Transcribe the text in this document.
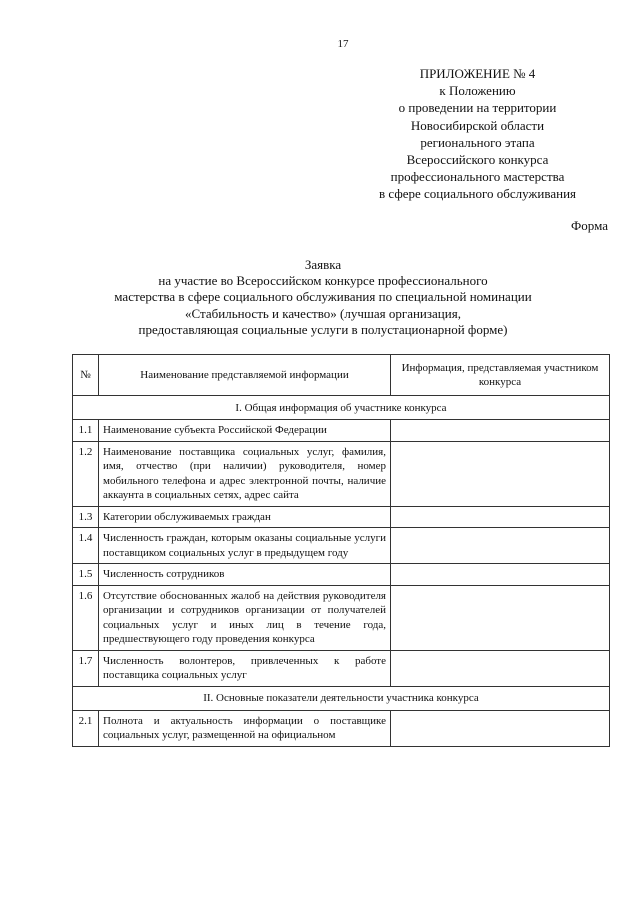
17
ПРИЛОЖЕНИЕ № 4
к Положению
о проведении на территории
Новосибирской области
регионального этапа
Всероссийского конкурса
профессионального мастерства
в сфере социального обслуживания
Форма
Заявка
на участие во Всероссийском конкурсе профессионального
мастерства в сфере социального обслуживания по специальной номинации
«Стабильность и качество» (лучшая организация,
предоставляющая социальные услуги в полустационарной форме)
№	Наименование представляемой информации	Информация, представляемая участником конкурса
I. Общая информация об участнике конкурса		
1.1	Наименование субъекта Российской Федерации	
1.2	Наименование поставщика социальных услуг, фамилия, имя, отчество (при наличии) руководителя, номер мобильного телефона и адрес электронной почты, наличие аккаунта в социальных сетях, адрес сайта	
1.3	Категории обслуживаемых граждан	
1.4	Численность граждан, которым оказаны социальные услуги поставщиком социальных услуг в предыдущем году	
1.5	Численность сотрудников	
1.6	Отсутствие обоснованных жалоб на действия руководителя организации и сотрудников организации от получателей социальных услуг и иных лиц в течение года, предшествующего году проведения конкурса	
1.7	Численность волонтеров, привлеченных к работе поставщика социальных услуг	
II. Основные показатели деятельности участника конкурса		
2.1	Полнота и актуальность информации о поставщике социальных услуг, размещенной на официальном	
